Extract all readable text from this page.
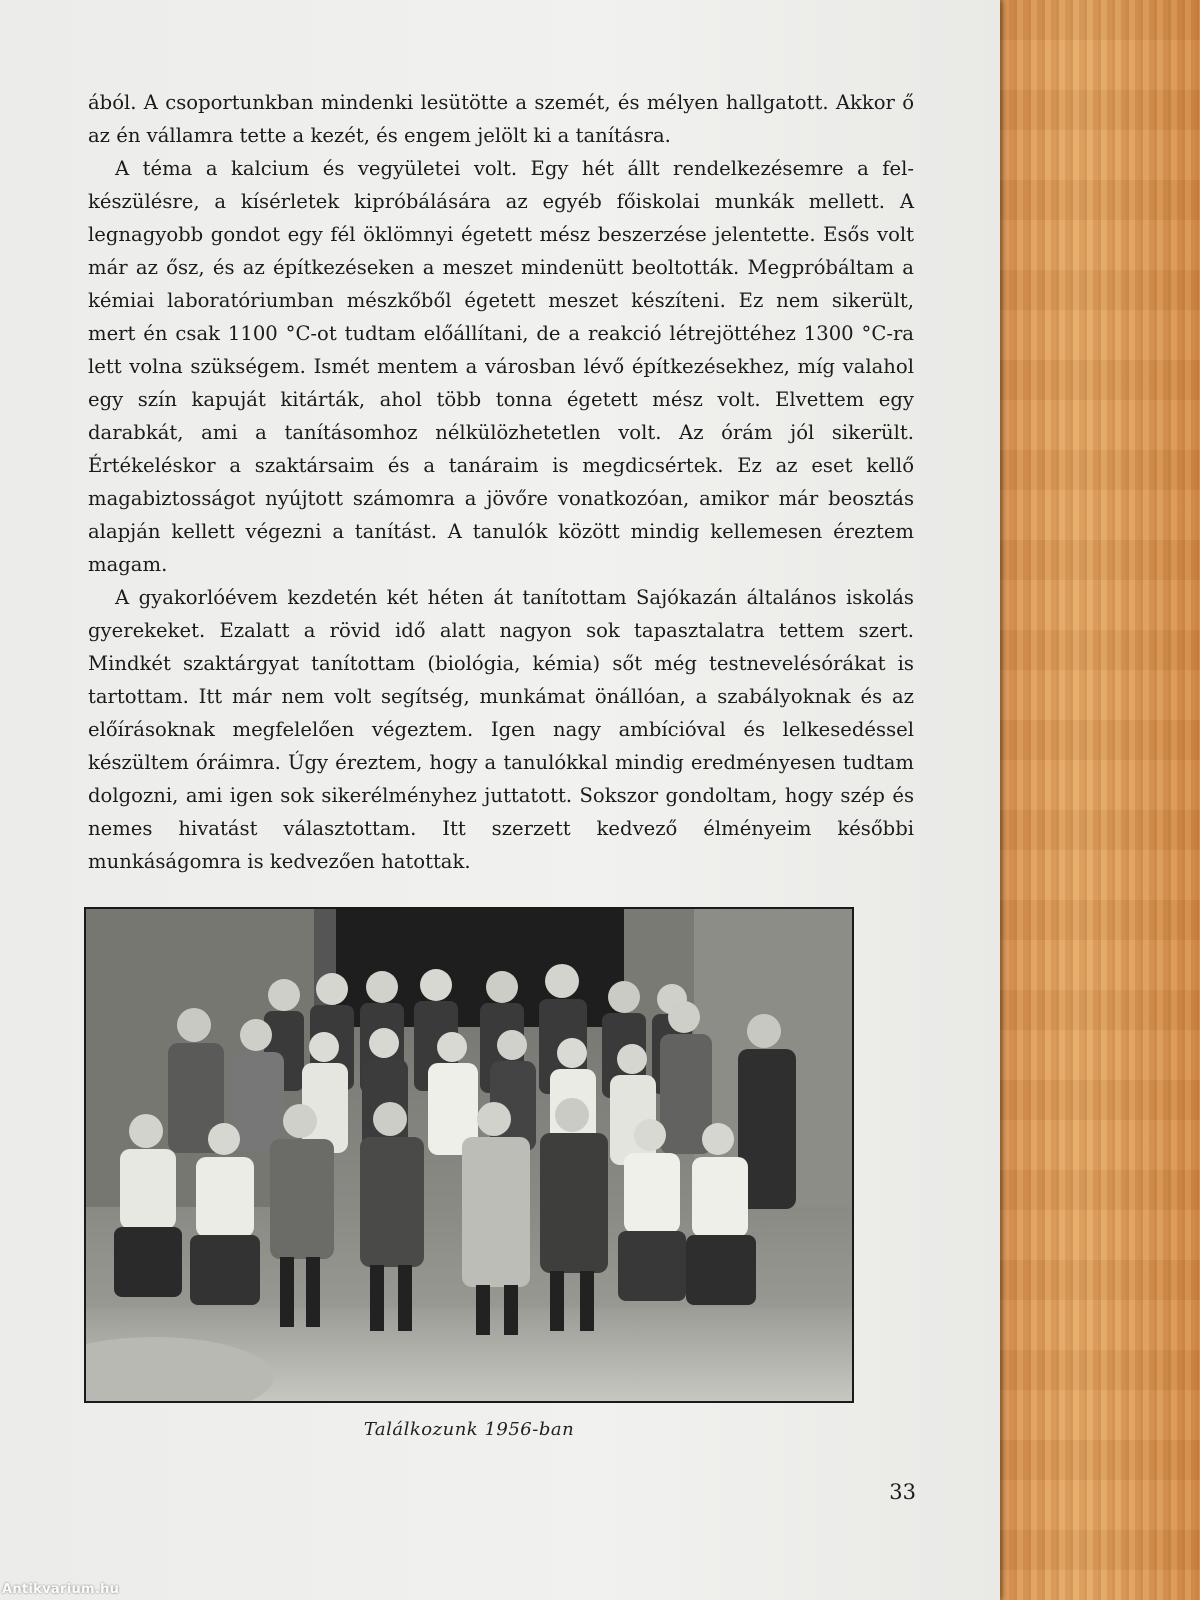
ából. A csoportunkban mindenki lesütötte a szemét, és mélyen hallgatott. Akkor ő az én vállamra tette a kezét, és engem jelölt ki a tanításra.

A téma a kalcium és vegyületei volt. Egy hét állt rendelkezésemre a felkészülésre, a kísérletek kipróbálására az egyéb főiskolai munkák mellett. A legnagyobb gondot egy fél öklömnyi égetett mész beszerzése jelentette. Esős volt már az ősz, és az építkezéseken a meszet mindenütt beoltották. Megpróbáltam a kémiai laboratóriumban mészkőből égetett meszet készíteni. Ez nem sikerült, mert én csak 1100 °C-ot tudtam előállítani, de a reakció létrejöttéhez 1300 °C-ra lett volna szükségem. Ismét mentem a városban lévő építkezésekhez, míg valahol egy szín kapuját kitárták, ahol több tonna égetett mész volt. Elvettem egy darabkát, ami a tanításomhoz nélkülözhetetlen volt. Az órám jól sikerült. Értékeléskor a szaktársaim és a tanáraim is megdicsértek. Ez az eset kellő magabiztosságot nyújtott számomra a jövőre vonatkozóan, amikor már beosztás alapján kellett végezni a tanítást. A tanulók között mindig kellemesen éreztem magam.

A gyakorlóévem kezdetén két héten át tanítottam Sajókazán általános iskolás gyerekeket. Ezalatt a rövid idő alatt nagyon sok tapasztalatra tettem szert. Mindkét szaktárgyat tanítottam (biológia, kémia) sőt még testnevelésórákat is tartottam. Itt már nem volt segítség, munkámat önállóan, a szabályoknak és az előírásoknak megfelelően végeztem. Igen nagy ambícióval és lelkesedéssel készültem óráimra. Úgy éreztem, hogy a tanulókkal mindig eredményesen tudtam dolgozni, ami igen sok sikerélményhez juttatott. Sokszor gondoltam, hogy szép és nemes hivatást választottam. Itt szerzett kedvező élményeim későbbi munkáságomra is kedvezően hatottak.

Találkozunk 1956-ban
33
Antikvarium.hu
